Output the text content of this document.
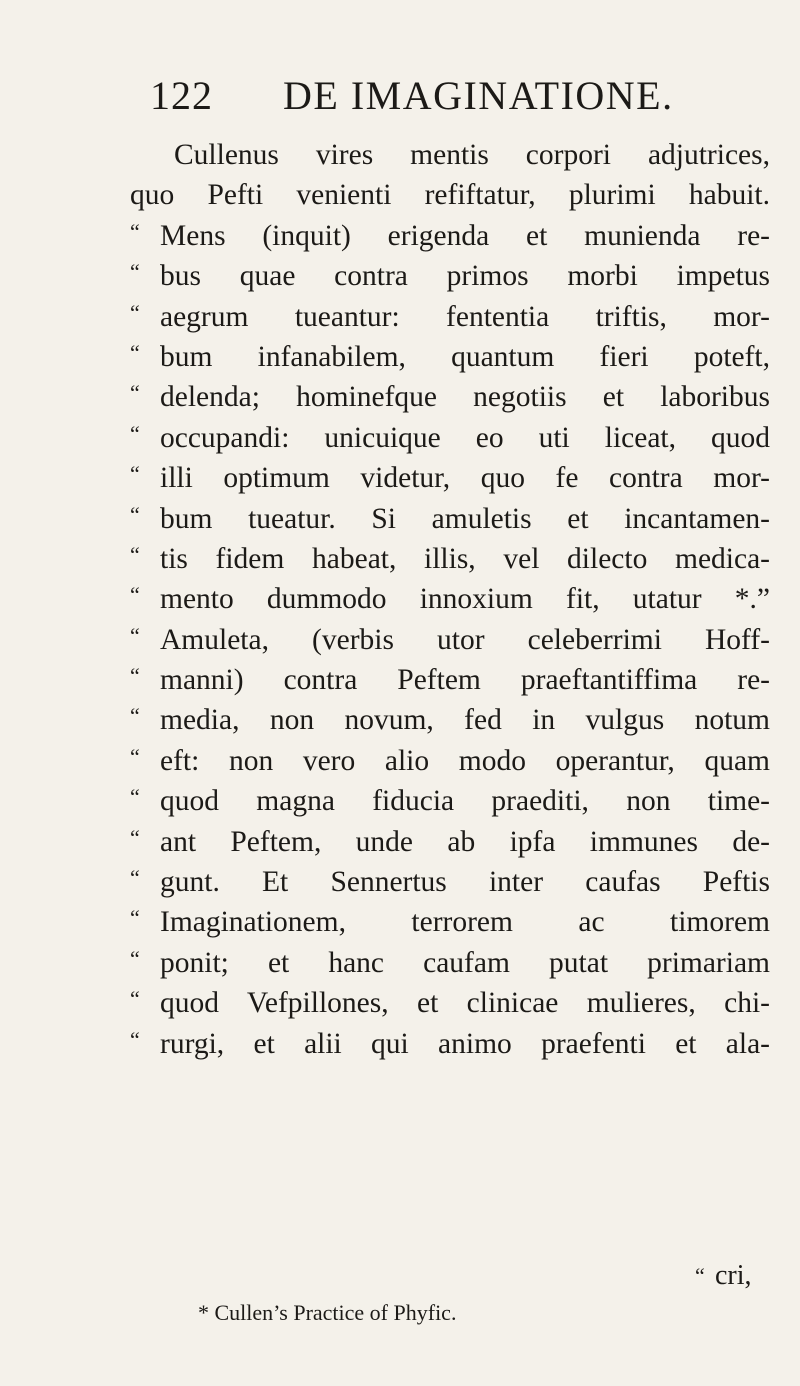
122 DE IMAGINATIONE.
Cullenus vires mentis corpori adjutrices,
quo Pefti venienti refiftatur, plurimi habuit.
“ Mens (inquit) erigenda et munienda re-
“ bus quae contra primos morbi impetus
“ aegrum tueantur: fententia triftis, mor-
“ bum infanabilem, quantum fieri poteft,
“ delenda; hominefque negotiis et laboribus
“ occupandi: unicuique eo uti liceat, quod
“ illi optimum videtur, quo fe contra mor-
“ bum tueatur. Si amuletis et incantamen-
“ tis fidem habeat, illis, vel dilecto medica-
“ mento dummodo innoxium fit, utatur *.”
“ Amuleta, (verbis utor celeberrimi Hoff-
“ manni) contra Peftem praeftantiffima re-
“ media, non novum, fed in vulgus notum
“ eft: non vero alio modo operantur, quam
“ quod magna fiducia praediti, non time-
“ ant Peftem, unde ab ipfa immunes de-
“ gunt. Et Sennertus inter caufas Peftis
“ Imaginationem, terrorem ac timorem
“ ponit; et hanc caufam putat primariam
“ quod Vefpillones, et clinicae mulieres, chi-
“ rurgi, et alii qui animo praefenti et ala-
“ cri,
* Cullen’s Practice of Phyfic.
